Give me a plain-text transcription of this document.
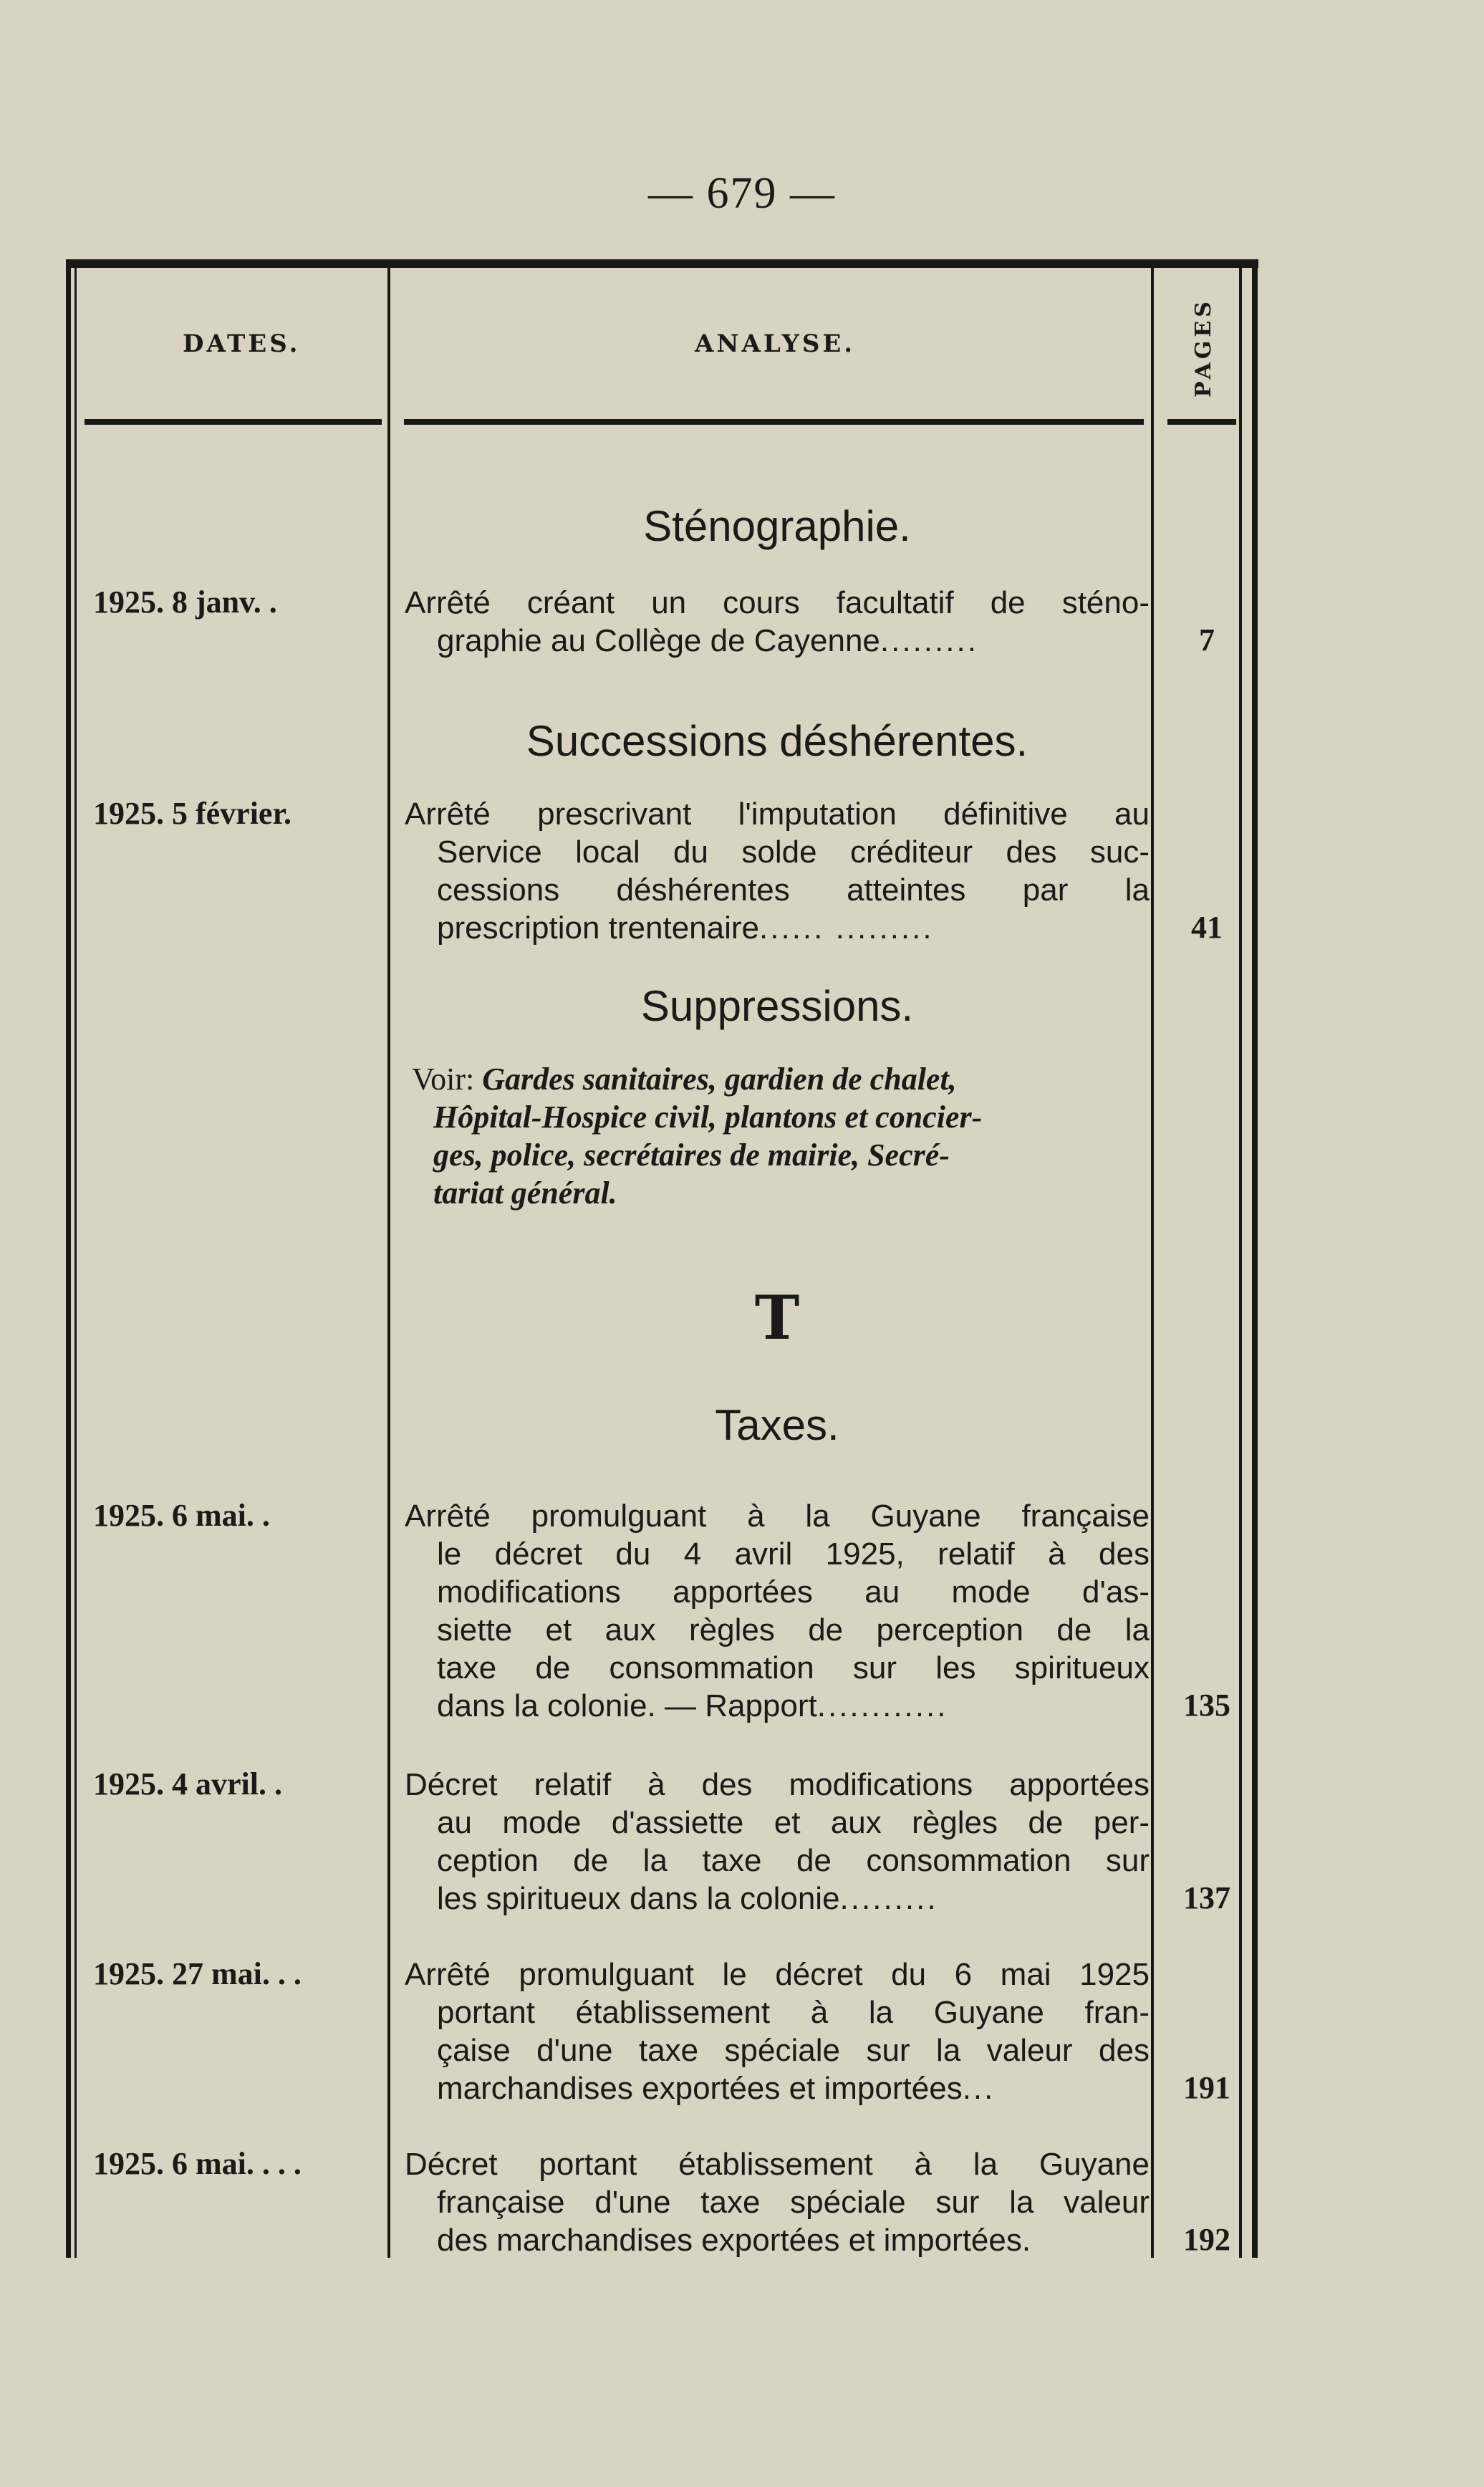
— 679 —
DATES.	ANALYSE.	PAGES
Sténographie.
1925. 8 janv. .	Arrêté créant un cours facultatif de sténo-
graphie au Collège de Cayenne .........	7
Successions déshérentes.
1925. 5 février.	Arrêté prescrivant l'imputation définitive au
Service local du solde créditeur des suc-
cessions déshérentes atteintes par la
prescription trentenaire ...... .........	41
Suppressions.
Voir: Gardes sanitaires, gardien de chalet,
Hôpital-Hospice civil, plantons et concier-
ges, police, secrétaires de mairie, Secré-
tariat général.
T
Taxes.
1925. 6 mai. .	Arrêté promulguant à la Guyane française
le décret du 4 avril 1925, relatif à des
modifications apportées au mode d'as-
siette et aux règles de perception de la
taxe de consommation sur les spiritueux
dans la colonie. — Rapport ............	135
1925. 4 avril. .	Décret relatif à des modifications apportées
au mode d'assiette et aux règles de per-
ception de la taxe de consommation sur
les spiritueux dans la colonie .........	137
1925. 27 mai. . .	Arrêté promulguant le décret du 6 mai 1925
portant établissement à la Guyane fran-
çaise d'une taxe spéciale sur la valeur des
marchandises exportées et importées ...	191
1925. 6 mai. . . .	Décret portant établissement à la Guyane
française d'une taxe spéciale sur la valeur
des marchandises exportées et importées.	192
